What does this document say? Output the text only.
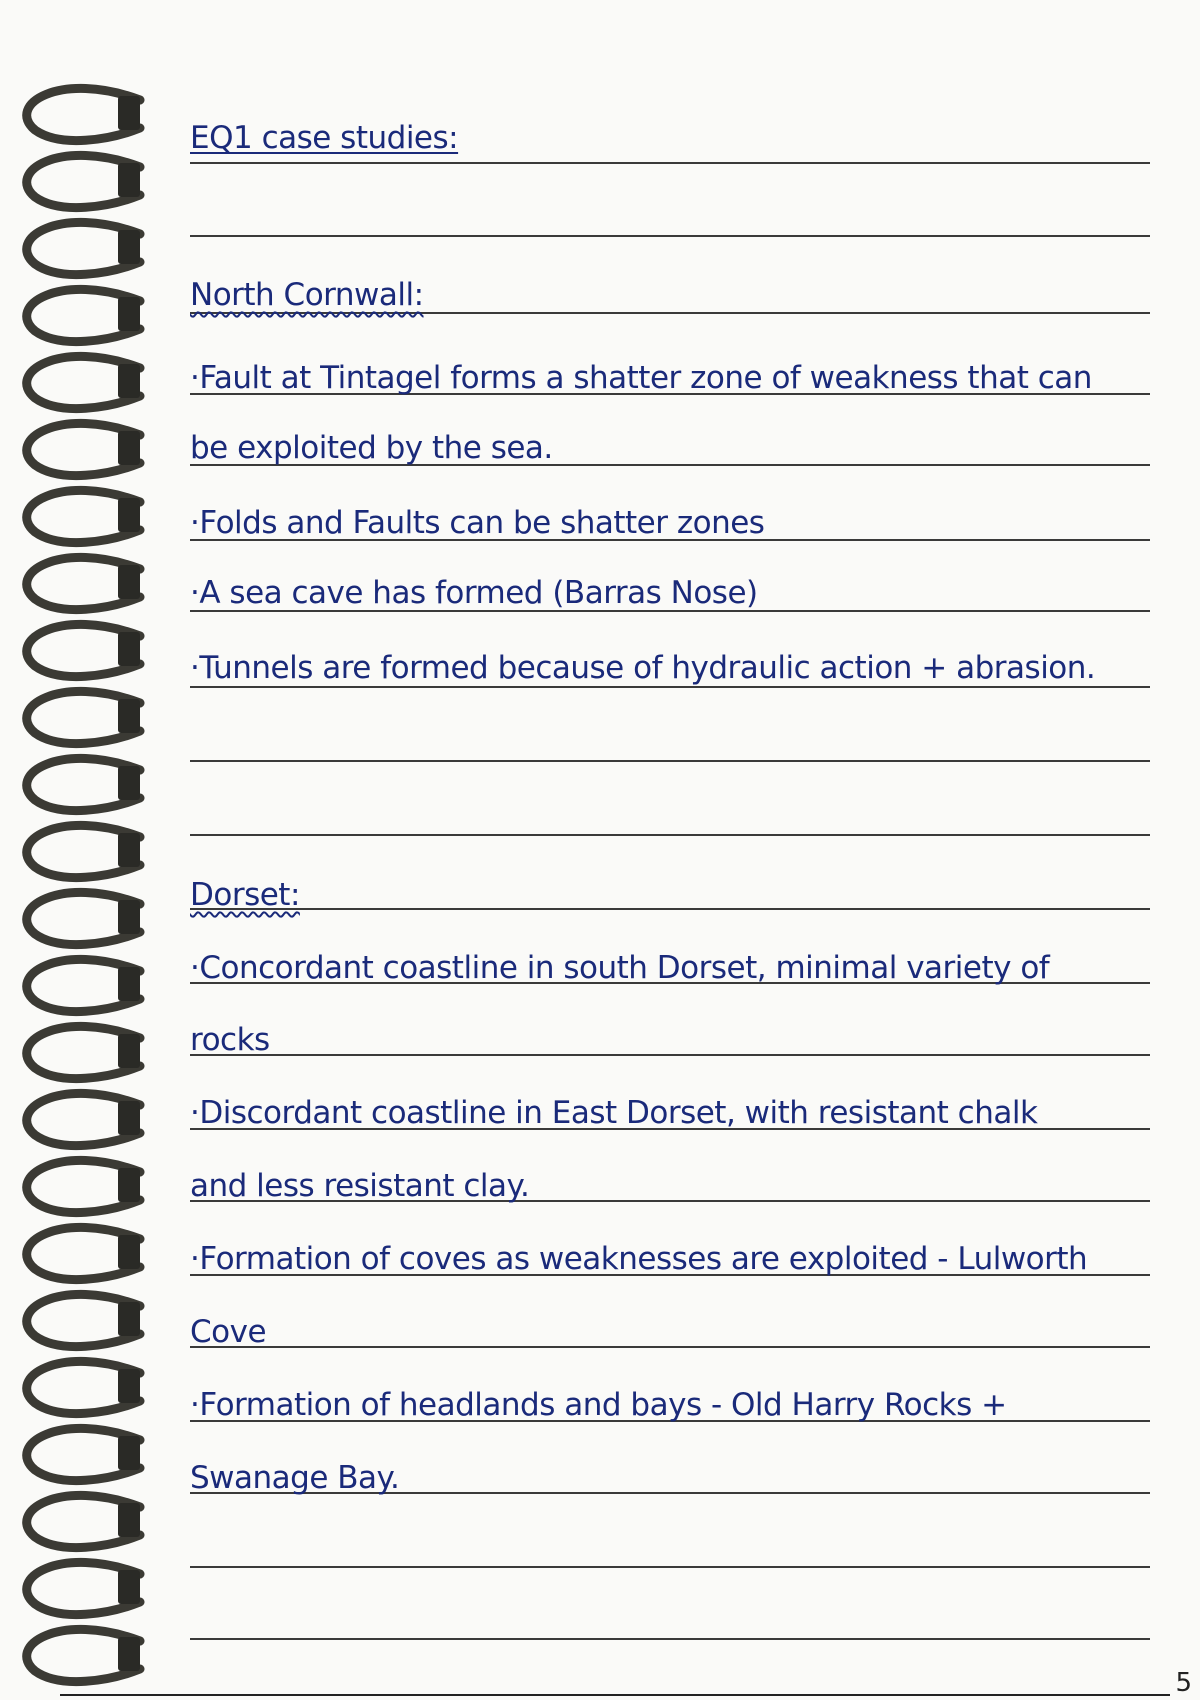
EQ1 case studies:
North Cornwall:
·Fault at Tintagel forms a shatter zone of weakness that can
be exploited by the sea.
·Folds and Faults can be shatter zones
·A sea cave has formed (Barras Nose)
·Tunnels are formed because of hydraulic action + abrasion.
Dorset:
·Concordant coastline in south Dorset, minimal variety of
rocks
·Discordant coastline in East Dorset, with resistant chalk
and less resistant clay.
·Formation of coves as weaknesses are exploited - Lulworth
Cove
·Formation of headlands and bays - Old Harry Rocks +
Swanage Bay.
5
